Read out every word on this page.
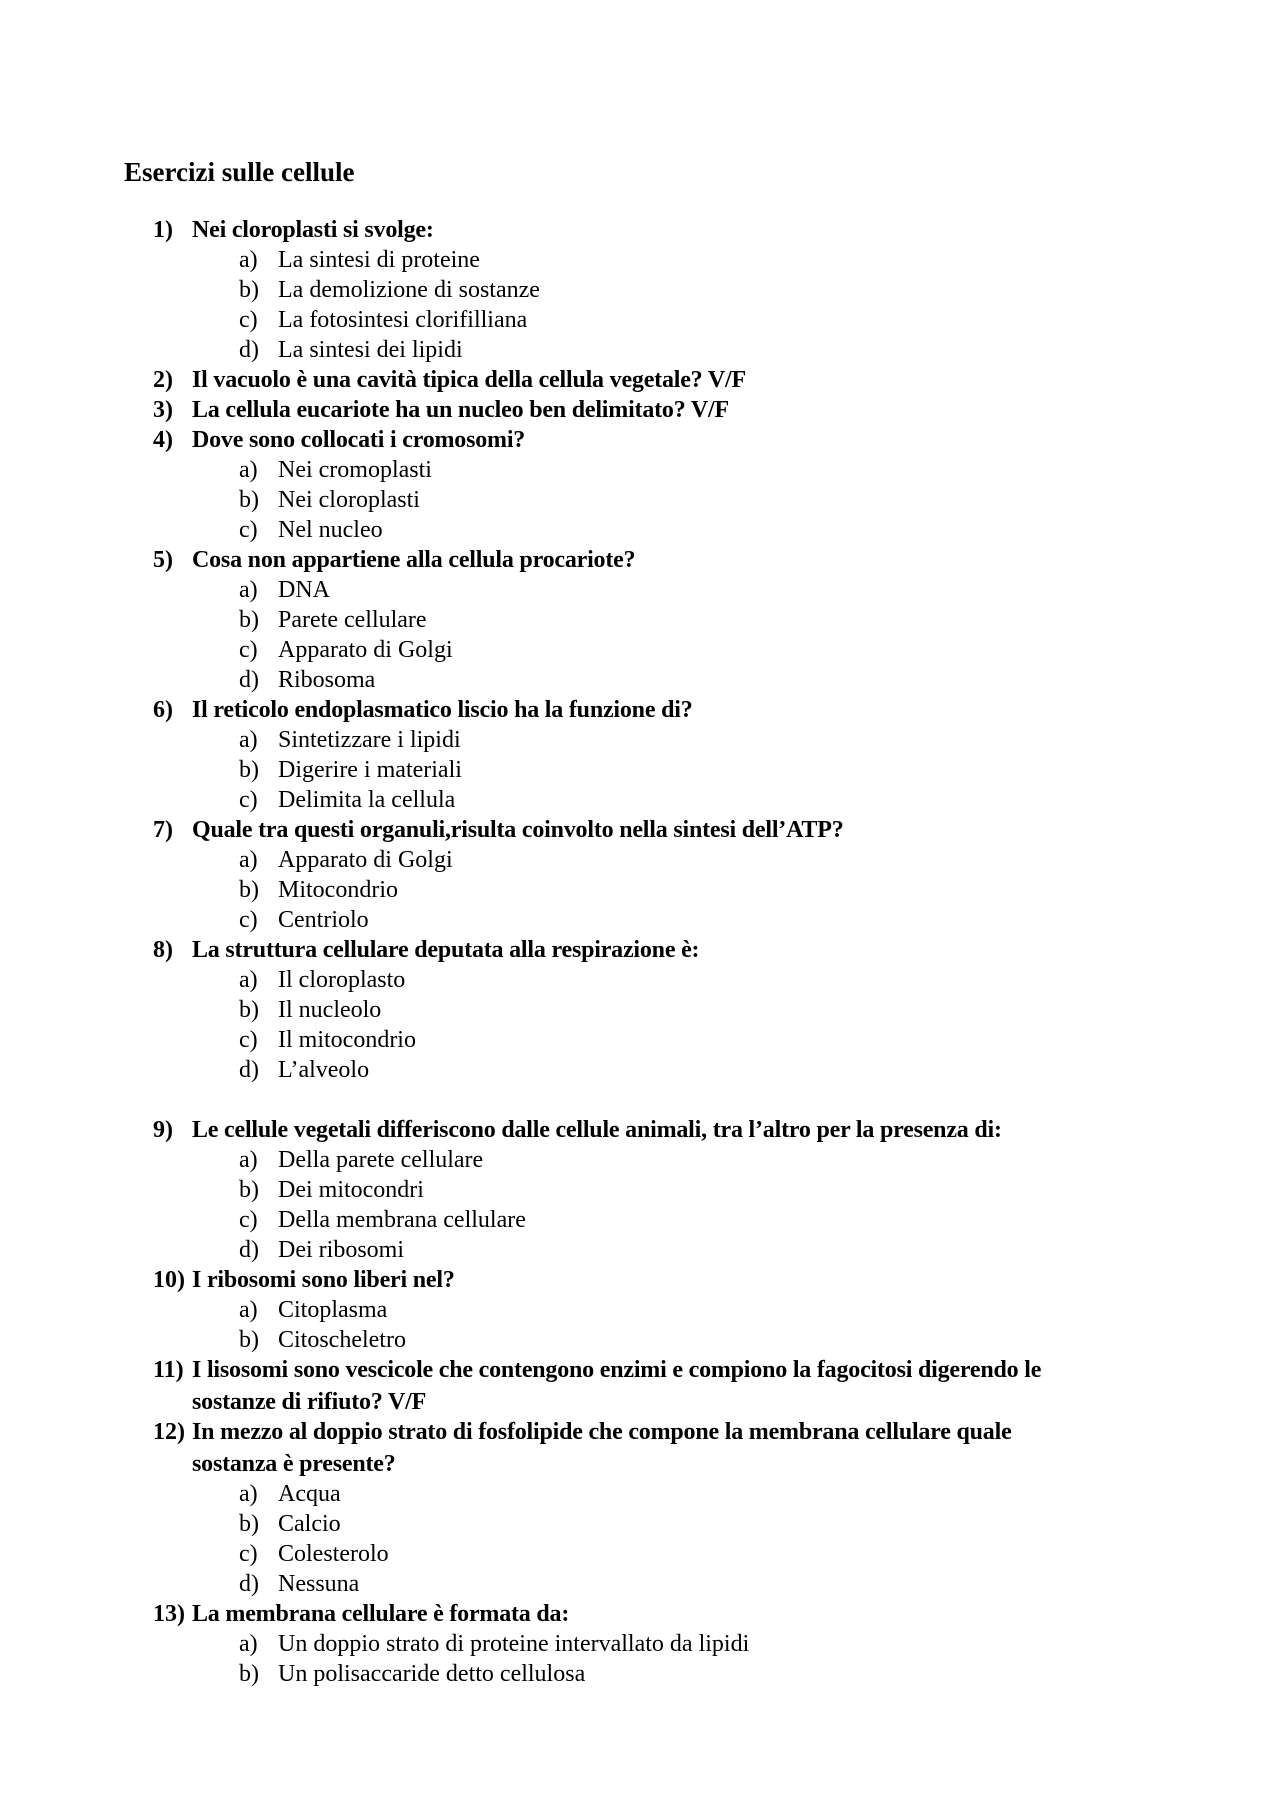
Esercizi sulle cellule
1) Nei cloroplasti si svolge:
a) La sintesi di proteine
b) La demolizione di sostanze
c) La fotosintesi clorifilliana
d) La sintesi dei lipidi
2) Il vacuolo è una cavità tipica della cellula vegetale? V/F
3) La cellula eucariote ha un nucleo ben delimitato? V/F
4) Dove sono collocati i cromosomi?
a) Nei cromoplasti
b) Nei cloroplasti
c) Nel nucleo
5) Cosa non appartiene alla cellula procariote?
a) DNA
b) Parete cellulare
c) Apparato di Golgi
d) Ribosoma
6) Il reticolo endoplasmatico liscio ha la funzione di?
a) Sintetizzare i lipidi
b) Digerire i materiali
c) Delimita la cellula
7) Quale tra questi organuli,risulta coinvolto nella sintesi dell’ATP?
a) Apparato di Golgi
b) Mitocondrio
c) Centriolo
8) La struttura cellulare deputata alla respirazione è:
a) Il cloroplasto
b) Il nucleolo
c) Il mitocondrio
d) L’alveolo
9) Le cellule vegetali differiscono dalle cellule animali, tra l’altro per la presenza di:
a) Della parete cellulare
b) Dei mitocondri
c) Della membrana cellulare
d) Dei ribosomi
10) I ribosomi sono liberi nel?
a) Citoplasma
b) Citoscheletro
11) I lisosomi sono vescicole che contengono enzimi e compiono la fagocitosi digerendo le
sostanze di rifiuto? V/F
12) In mezzo al doppio strato di fosfolipide che compone la membrana cellulare quale
sostanza è presente?
a) Acqua
b) Calcio
c) Colesterolo
d) Nessuna
13) La membrana cellulare è formata da:
a) Un doppio strato di proteine intervallato da lipidi
b) Un polisaccaride detto cellulosa
